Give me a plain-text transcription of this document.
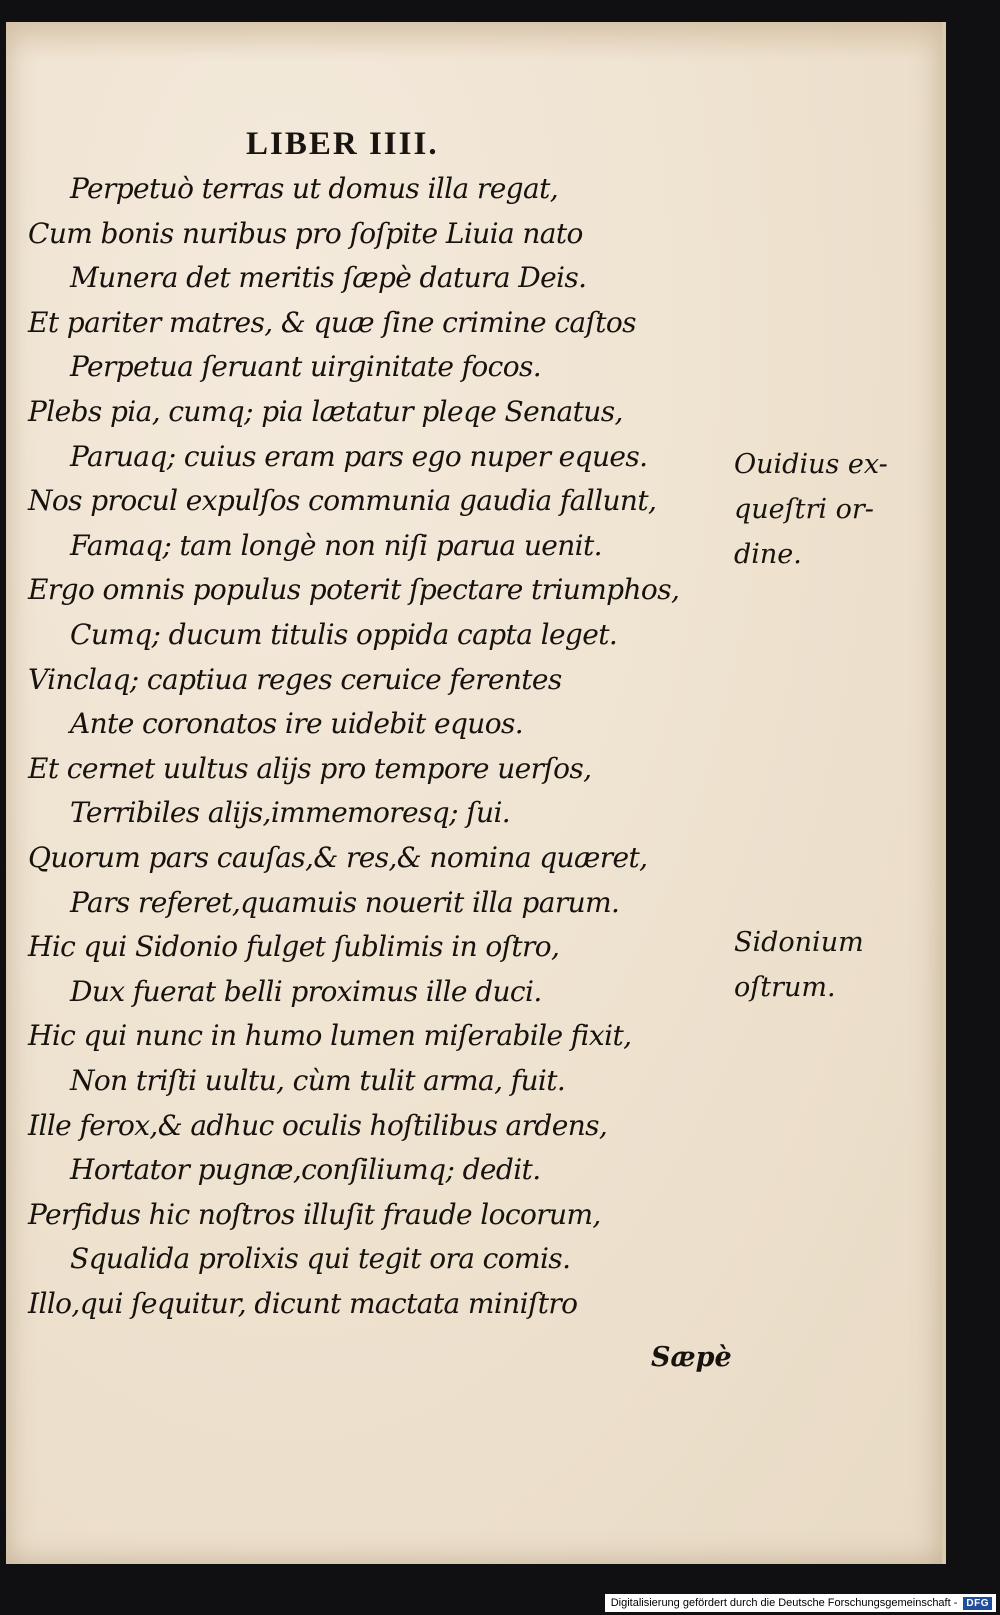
LIBER IIII.
Perpetuò terras ut domus illa regat,
Cum bonis nuribus pro ſoſpite Liuia nato
Munera det meritis ſæpè datura Deis.
Et pariter matres, & quæ ſine crimine caſtos
Perpetua ſeruant uirginitate focos.
Plebs pia, cumq; pia lætatur pleqe Senatus,
Paruaq; cuius eram pars ego nuper eques.
Nos procul expulſos communia gaudia fallunt,
Famaq; tam longè non niſi parua uenit.
Ergo omnis populus poterit ſpectare triumphos,
Cumq; ducum titulis oppida capta leget.
Vinclaq; captiua reges ceruice ferentes
Ante coronatos ire uidebit equos.
Et cernet uultus alijs pro tempore uerſos,
Terribiles alijs,immemoresq; ſui.
Quorum pars cauſas,& res,& nomina quæret,
Pars referet,quamuis nouerit illa parum.
Hic qui Sidonio fulget ſublimis in oſtro,
Dux fuerat belli proximus ille duci.
Hic qui nunc in humo lumen miſerabile fixit,
Non triſti uultu, cùm tulit arma, fuit.
Ille ferox,& adhuc oculis hoſtilibus ardens,
Hortator pugnæ,conſiliumq; dedit.
Perfidus hic noſtros illuſit fraude locorum,
Squalida prolixis qui tegit ora comis.
Illo,qui ſequitur, dicunt mactata miniſtro
Ouidius ex-
queſtri or-
dine.
Sidonium
oſtrum.
Sæpè
Digitalisierung gefördert durch die Deutsche Forschungsgemeinschaft - DFG
